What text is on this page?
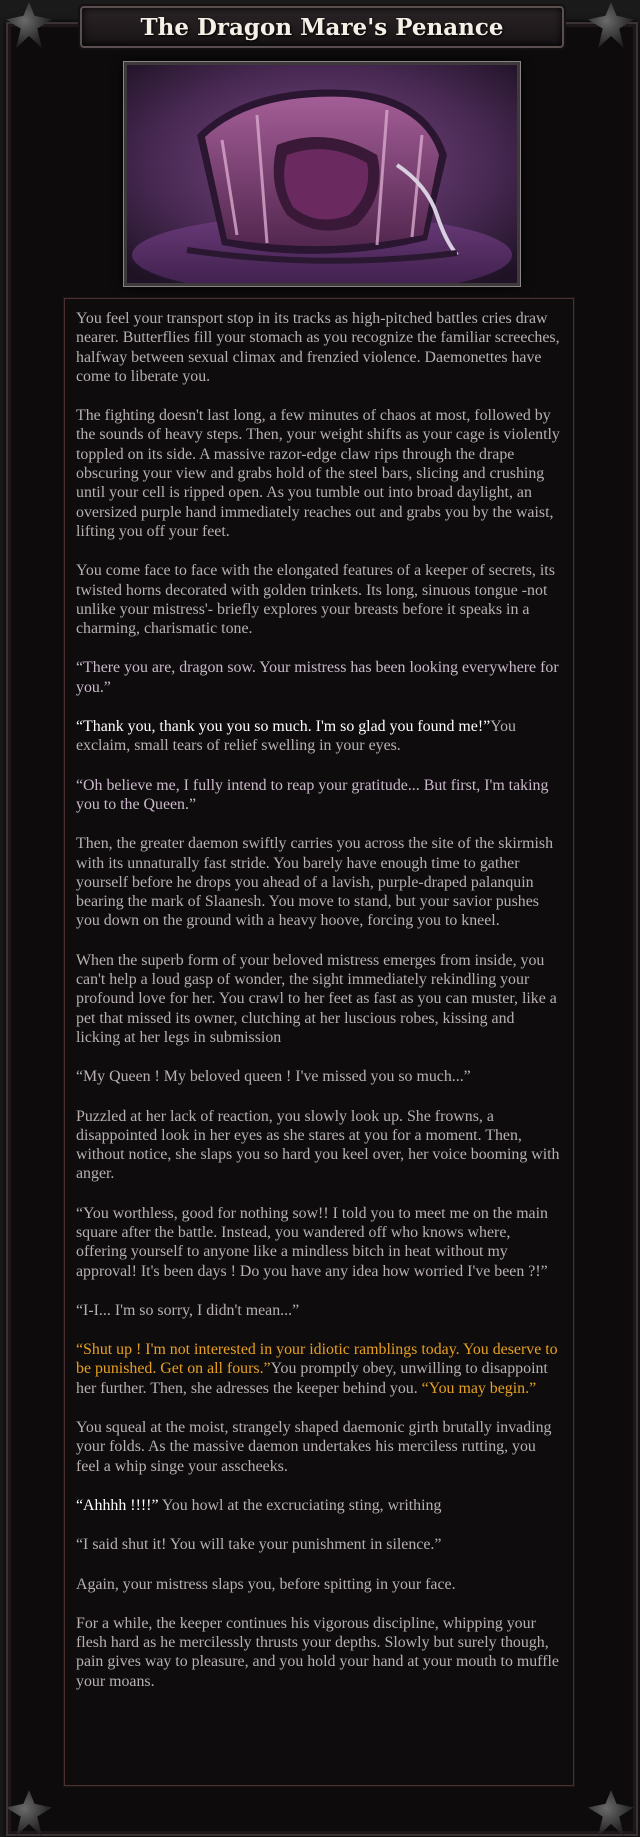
The Dragon Mare's Penance

You feel your transport stop in its tracks as high-pitched battles cries draw nearer. Butterflies fill your stomach as you recognize the familiar screeches, halfway between sexual climax and frenzied violence. Daemonettes have come to liberate you.

The fighting doesn't last long, a few minutes of chaos at most, followed by the sounds of heavy steps. Then, your weight shifts as your cage is violently toppled on its side. A massive razor-edge claw rips through the drape obscuring your view and grabs hold of the steel bars, slicing and crushing until your cell is ripped open. As you tumble out into broad daylight, an oversized purple hand immediately reaches out and grabs you by the waist, lifting you off your feet.

You come face to face with the elongated features of a keeper of secrets, its twisted horns decorated with golden trinkets. Its long, sinuous tongue -not unlike your mistress'- briefly explores your breasts before it speaks in a charming, charismatic tone.

“There you are, dragon sow. Your mistress has been looking everywhere for you.”

“Thank you, thank you you so much. I'm so glad you found me!”You exclaim, small tears of relief swelling in your eyes.

“Oh believe me, I fully intend to reap your gratitude... But first, I'm taking you to the Queen.”

Then, the greater daemon swiftly carries you across the site of the skirmish with its unnaturally fast stride. You barely have enough time to gather yourself before he drops you ahead of a lavish, purple-draped palanquin bearing the mark of Slaanesh. You move to stand, but your savior pushes you down on the ground with a heavy hoove, forcing you to kneel.

When the superb form of your beloved mistress emerges from inside, you can't help a loud gasp of wonder, the sight immediately rekindling your profound love for her. You crawl to her feet as fast as you can muster, like a pet that missed its owner, clutching at her luscious robes, kissing and licking at her legs in submission

“My Queen ! My beloved queen ! I've missed you so much...”

Puzzled at her lack of reaction, you slowly look up. She frowns, a disappointed look in her eyes as she stares at you for a moment. Then, without notice, she slaps you so hard you keel over, her voice booming with anger.

“You worthless, good for nothing sow!! I told you to meet me on the main square after the battle. Instead, you wandered off who knows where, offering yourself to anyone like a mindless bitch in heat without my approval! It's been days ! Do you have any idea how worried I've been ?!”

“I-I... I'm so sorry, I didn't mean...”

“Shut up ! I'm not interested in your idiotic ramblings today. You deserve to be punished. Get on all fours.”You promptly obey, unwilling to disappoint her further. Then, she adresses the keeper behind you. “You may begin.”

You squeal at the moist, strangely shaped daemonic girth brutally invading your folds. As the massive daemon undertakes his merciless rutting, you feel a whip singe your asscheeks.

“Ahhhh !!!!” You howl at the excruciating sting, writhing

“I said shut it! You will take your punishment in silence.”

Again, your mistress slaps you, before spitting in your face.

For a while, the keeper continues his vigorous discipline, whipping your flesh hard as he mercilessly thrusts your depths. Slowly but surely though, pain gives way to pleasure, and you hold your hand at your mouth to muffle your moans.
